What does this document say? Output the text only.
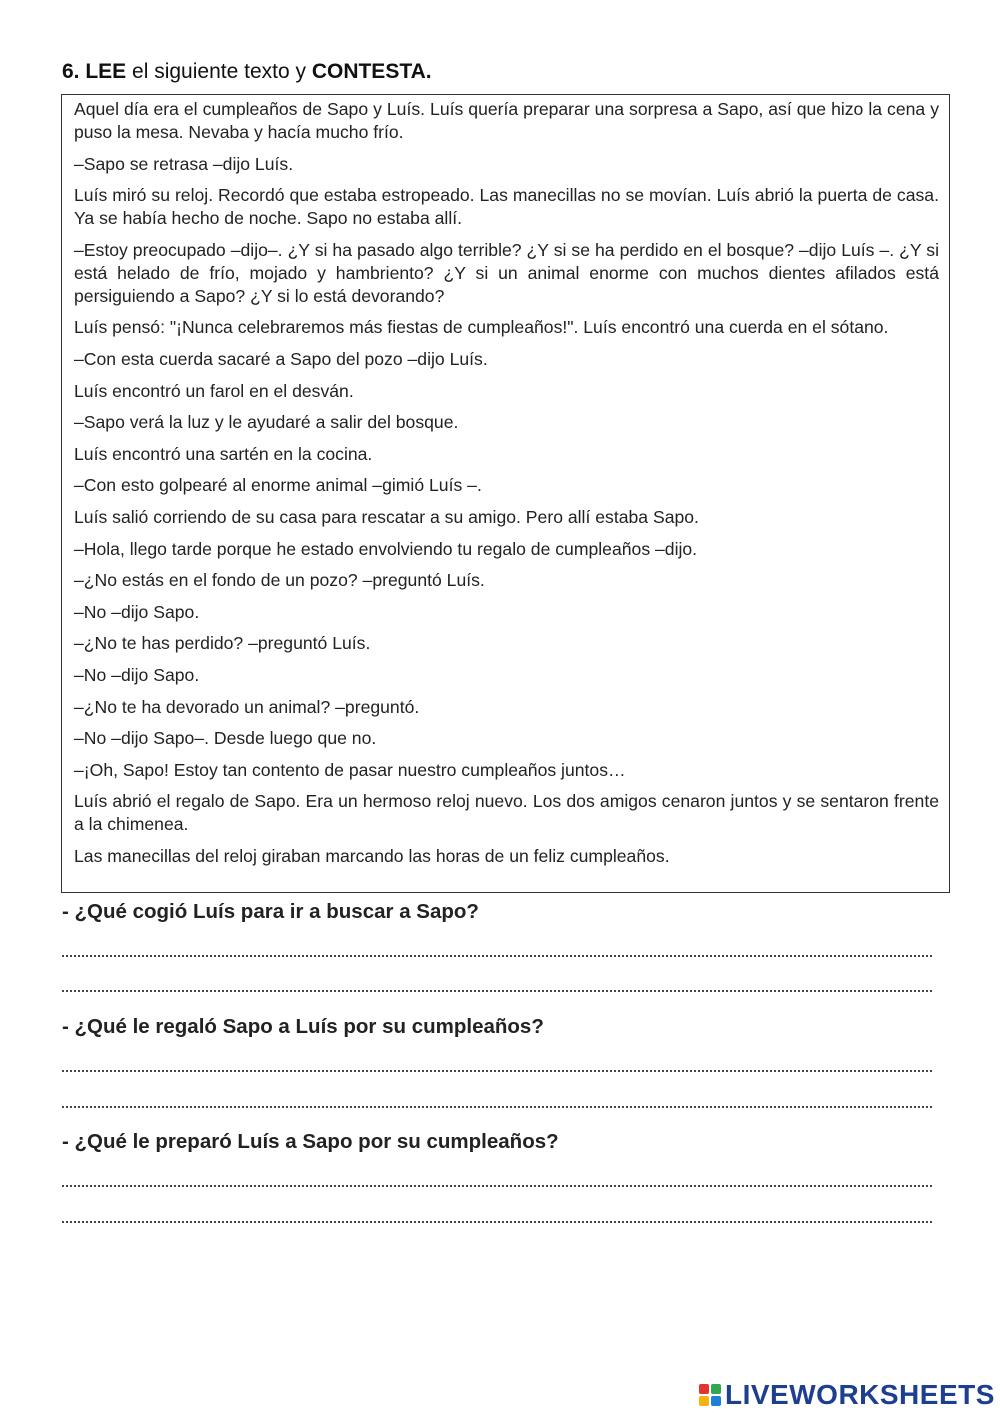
6. LEE el siguiente texto y CONTESTA.

Aquel día era el cumpleaños de Sapo y Luís. Luís quería preparar una sorpresa a Sapo, así que hizo la cena y puso la mesa. Nevaba y hacía mucho frío.

–Sapo se retrasa –dijo Luís.

Luís miró su reloj. Recordó que estaba estropeado. Las manecillas no se movían. Luís abrió la puerta de casa. Ya se había hecho de noche. Sapo no estaba allí.

–Estoy preocupado –dijo–. ¿Y si ha pasado algo terrible? ¿Y si se ha perdido en el bosque? –dijo Luís –. ¿Y si está helado de frío, mojado y hambriento? ¿Y si un animal enorme con muchos dientes afilados está persiguiendo a Sapo? ¿Y si lo está devorando?

Luís pensó: "¡Nunca celebraremos más fiestas de cumpleaños!". Luís encontró una cuerda en el sótano.

–Con esta cuerda sacaré a Sapo del pozo –dijo Luís.

Luís encontró un farol en el desván.

–Sapo verá la luz y le ayudaré a salir del bosque.

Luís encontró una sartén en la cocina.

–Con esto golpearé al enorme animal –gimió Luís –.

Luís salió corriendo de su casa para rescatar a su amigo. Pero allí estaba Sapo.

–Hola, llego tarde porque he estado envolviendo tu regalo de cumpleaños –dijo.

–¿No estás en el fondo de un pozo? –preguntó Luís.

–No –dijo Sapo.

–¿No te has perdido? –preguntó Luís.

–No –dijo Sapo.

–¿No te ha devorado un animal? –preguntó.

–No –dijo Sapo–. Desde luego que no.

–¡Oh, Sapo! Estoy tan contento de pasar nuestro cumpleaños juntos…

Luís abrió el regalo de Sapo. Era un hermoso reloj nuevo. Los dos amigos cenaron juntos y se sentaron frente a la chimenea.

Las manecillas del reloj giraban marcando las horas de un feliz cumpleaños.

- ¿Qué cogió Luís para ir a buscar a Sapo?
- ¿Qué le regaló Sapo a Luís por su cumpleaños?
- ¿Qué le preparó Luís a Sapo por su cumpleaños?
LIVEWORKSHEETS
